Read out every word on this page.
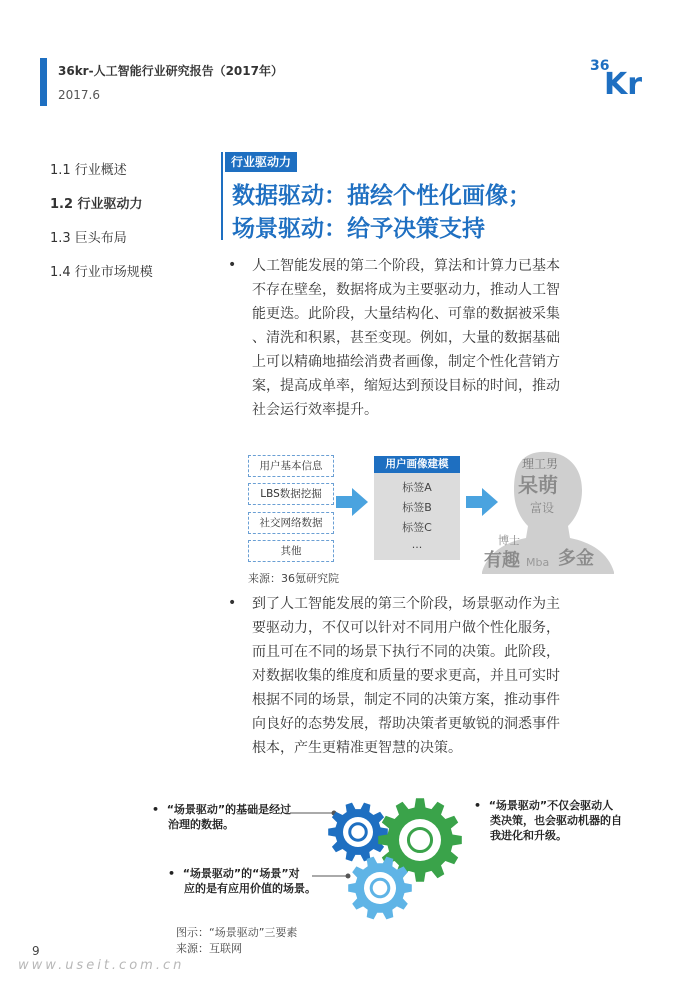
36kr-人工智能行业研究报告（2017年）
2017.6
36
Kr
1.1 行业概述
1.2 行业驱动力
1.3 巨头布局
1.4 行业市场规模
行业驱动力
数据驱动：描绘个性化画像；
场景驱动：给予决策支持
• 人工智能发展的第二个阶段，算法和计算力已基本
不存在壁垒，数据将成为主要驱动力，推动人工智
能更迭。此阶段，大量结构化、可靠的数据被采集
、清洗和积累，甚至变现。例如，大量的数据基础
上可以精确地描绘消费者画像，制定个性化营销方
案，提高成单率，缩短达到预设目标的时间，推动
社会运行效率提升。
用户基本信息
LBS数据挖掘
社交网络数据
其他
用户画像建模
标签A
标签B
标签C
...
理工男
呆萌
富设
博士
有趣 Mba 多金
来源：36氪研究院
• 到了人工智能发展的第三个阶段，场景驱动作为主
要驱动力，不仅可以针对不同用户做个性化服务，
而且可在不同的场景下执行不同的决策。此阶段，
对数据收集的维度和质量的要求更高，并且可实时
根据不同的场景，制定不同的决策方案，推动事件
向良好的态势发展，帮助决策者更敏锐的洞悉事件
根本，产生更精准更智慧的决策。
• “场景驱动”的基础是经过
治理的数据。
• “场景驱动”不仅会驱动人
类决策，也会驱动机器的自
我进化和升级。
• “场景驱动”的“场景”对
应的是有应用价值的场景。
图示：“场景驱动”三要素
来源：互联网
9
www.useit.com.cn
